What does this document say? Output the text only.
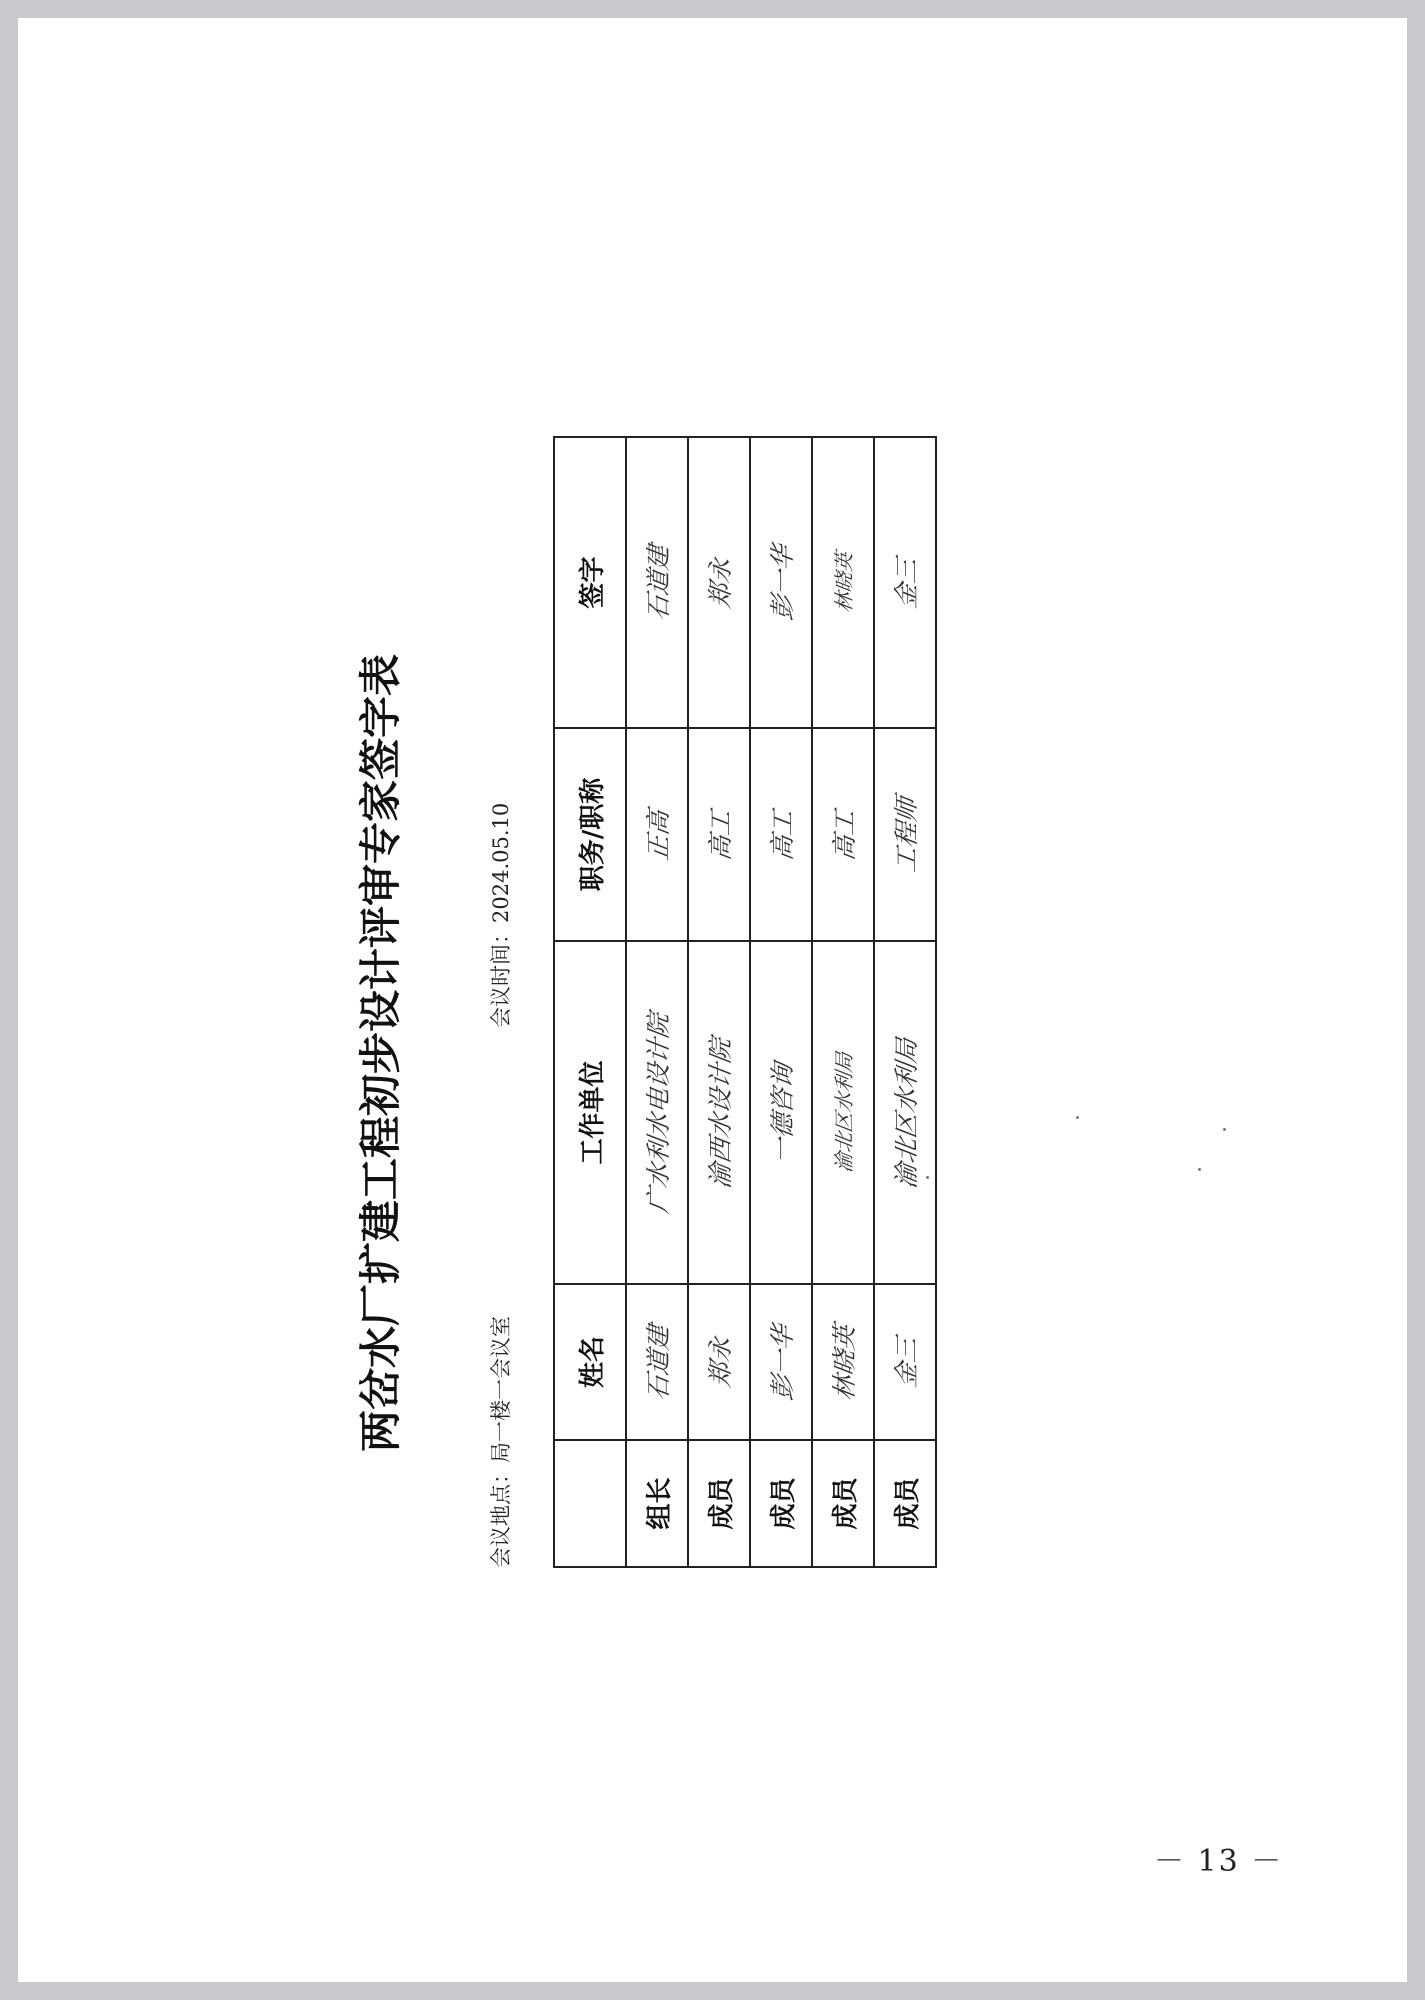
两岔水厂扩建工程初步设计评审专家签字表	会议地点：局一楼一会议室
会议时间：2024.05.10
	姓名	工作单位	职务/职称	签字
组长	石道建	广水利水电设计院	正高	石道建
成员	郑永	渝西水设计院	高工	郑永
成员	彭一华	一德咨询	高工	彭一华
成员	林晓英	渝北区水利局	高工	林晓英
成员	金三	渝北区水利局	工程师	金三
－ 13 －
